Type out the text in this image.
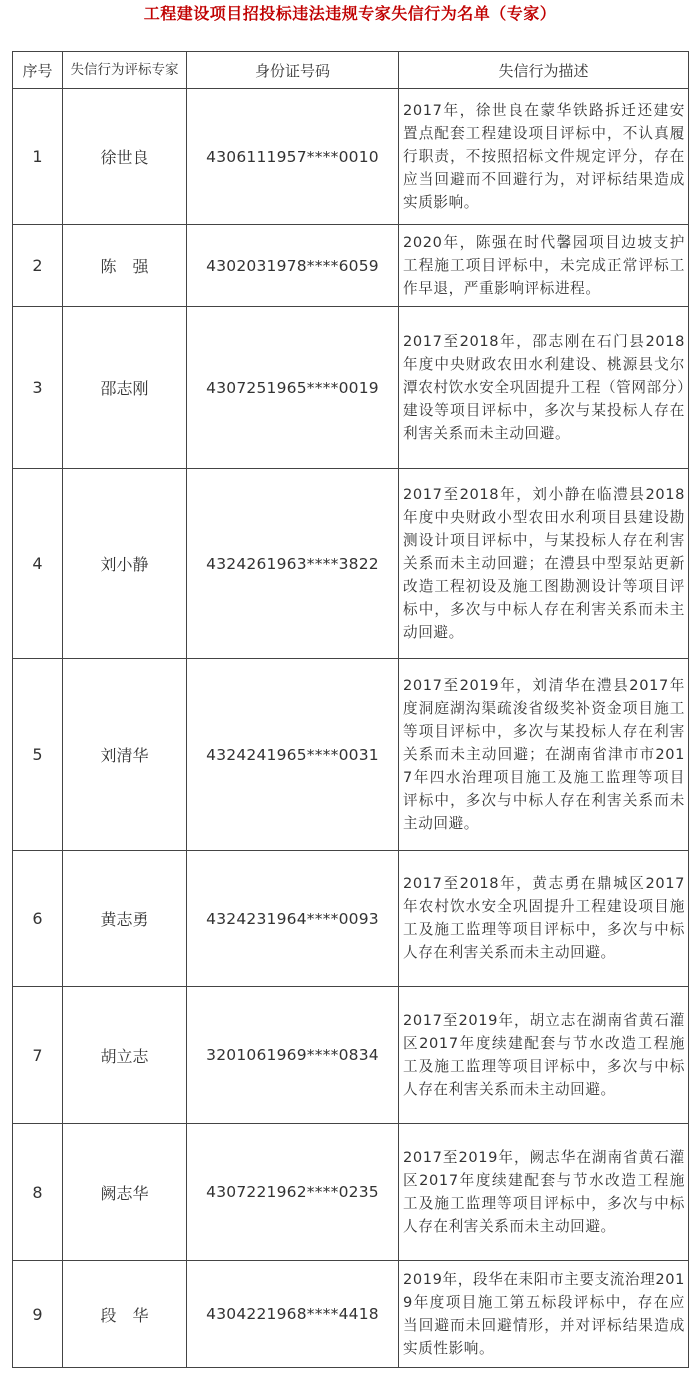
工程建设项目招投标违法违规专家失信行为名单（专家）
序号	失信行为评标专家	身份证号码	失信行为描述
1	徐世良	4306111957****0010	2017年，徐世良在蒙华铁路拆迁还建安置点配套工程建设项目评标中，不认真履行职责，不按照招标文件规定评分，存在应当回避而不回避行为，对评标结果造成实质影响。
2	陈　强	4302031978****6059	2020年，陈强在时代馨园项目边坡支护工程施工项目评标中，未完成正常评标工作早退，严重影响评标进程。
3	邵志刚	4307251965****0019	2017至2018年，邵志刚在石门县2018年度中央财政农田水利建设、桃源县戈尔潭农村饮水安全巩固提升工程（管网部分）建设等项目评标中，多次与某投标人存在利害关系而未主动回避。
4	刘小静	4324261963****3822	2017至2018年，刘小静在临澧县2018年度中央财政小型农田水利项目县建设勘测设计项目评标中，与某投标人存在利害关系而未主动回避；在澧县中型泵站更新改造工程初设及施工图勘测设计等项目评标中，多次与中标人存在利害关系而未主动回避。
5	刘清华	4324241965****0031	2017至2019年，刘清华在澧县2017年度洞庭湖沟渠疏浚省级奖补资金项目施工等项目评标中，多次与某投标人存在利害关系而未主动回避；在湖南省津市市2017年四水治理项目施工及施工监理等项目评标中，多次与中标人存在利害关系而未主动回避。
6	黄志勇	4324231964****0093	2017至2018年，黄志勇在鼎城区2017年农村饮水安全巩固提升工程建设项目施工及施工监理等项目评标中，多次与中标人存在利害关系而未主动回避。
7	胡立志	3201061969****0834	2017至2019年，胡立志在湖南省黄石灌区2017年度续建配套与节水改造工程施工及施工监理等项目评标中，多次与中标人存在利害关系而未主动回避。
8	阙志华	4307221962****0235	2017至2019年，阙志华在湖南省黄石灌区2017年度续建配套与节水改造工程施工及施工监理等项目评标中，多次与中标人存在利害关系而未主动回避。
9	段　华	4304221968****4418	2019年，段华在耒阳市主要支流治理2019年度项目施工第五标段评标中，存在应当回避而未回避情形，并对评标结果造成实质性影响。
